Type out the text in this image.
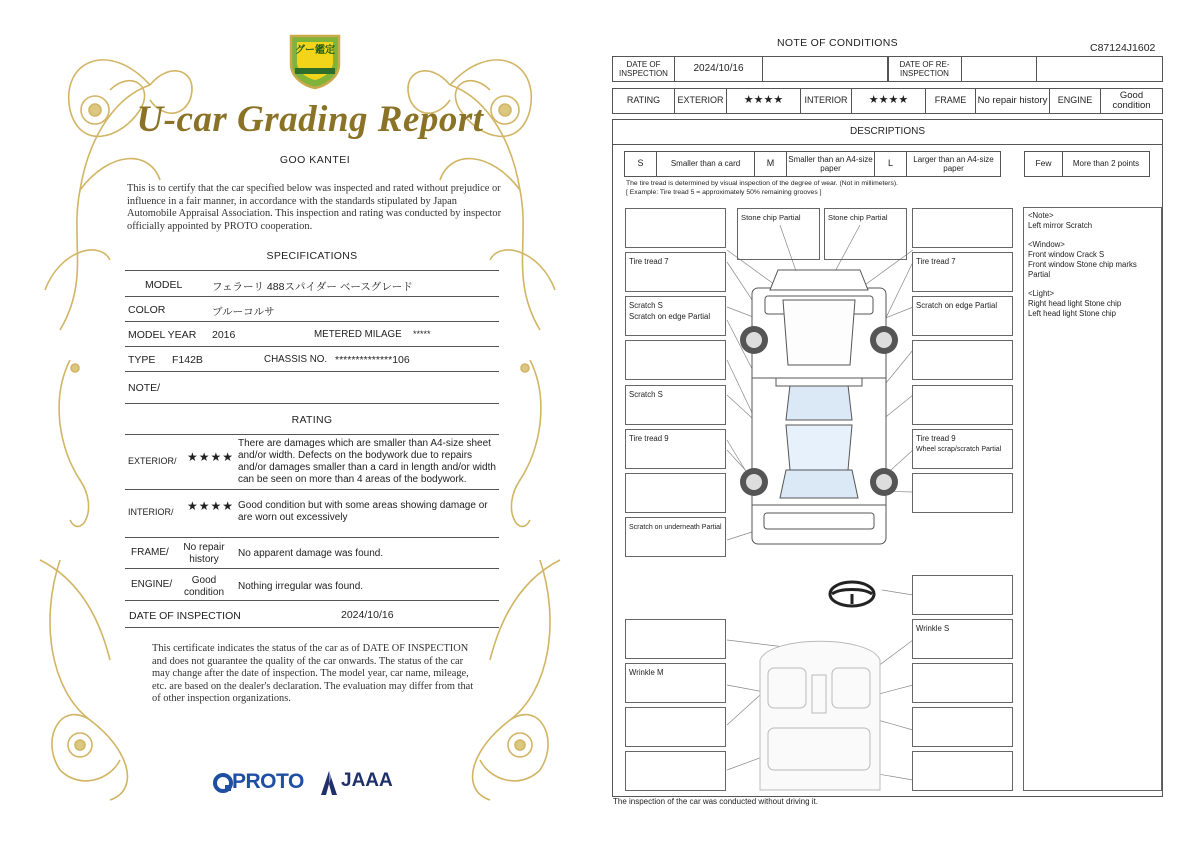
グー鑑定
U-car Grading Report
GOO KANTEI
This is to certify that the car specified below was inspected and rated without prejudice or influence in a fair manner, in accordance with the standards stipulated by Japan Automobile Appraisal Association. This inspection and rating was conducted by inspector officially appointed by PROTO cooperation.
SPECIFICATIONS
MODEL	フェラーリ 488スパイダー ベースグレード
COLOR	ブルーコルサ
MODEL YEAR 2016	METERED MILAGE *****
TYPE F142B	CHASSIS NO. **************106
NOTE/
RATING
EXTERIOR/ ★★★★
There are damages which are smaller than A4-size sheet and/or width. Defects on the bodywork due to repairs and/or damages smaller than a card in length and/or width can be seen on more than 4 areas of the bodywork.
INTERIOR/ ★★★★ Good condition but with some areas showing damage or are worn out excessively
FRAME/	No repair history
No apparent damage was found.
ENGINE/	Good condition
Nothing irregular was found.
DATE OF INSPECTION	2024/10/16
This certificate indicates the status of the car as of DATE OF INSPECTION and does not guarantee the quality of the car onwards. The status of the car may change after the date of inspection. The model year, car name, mileage, etc. are based on the dealer's declaration. The evaluation may differ from that of other inspection organizations.
PROTO JAAA
NOTE OF CONDITIONS	C87124J1602
DATE OF INSPECTION	2024/10/16	DATE OF RE-INSPECTION
RATING	EXTERIOR	★★★★	INTERIOR	★★★★	FRAME	No repair history	ENGINE	Good condition
DESCRIPTIONS
S	Smaller than a card	M	Smaller than an A4-size paper
L	Larger than an A4-size paper
Few	More than 2 points
The tire tread is determined by visual inspection of the degree of wear. (Not in millimeters).
[ Example: Tire tread 5 = approximately 50% remaining grooves ]
Tire tread 7
Scratch S
Scratch on edge Partial
Scratch S
Tire tread 9
Scratch on underneath Partial
Wrinkle M
Stone chip Partial	Stone chip Partial
Tire tread 7
Scratch on edge Partial
Tire tread 9
Wheel scrap/scratch Partial
Wrinkle S

<Note>

Left mirror Scratch

<Window>

Front window Crack S

Front window Stone chip marks Partial

<Light>

Right head light Stone chip

Left head light Stone chip

The inspection of the car was conducted without driving it.
